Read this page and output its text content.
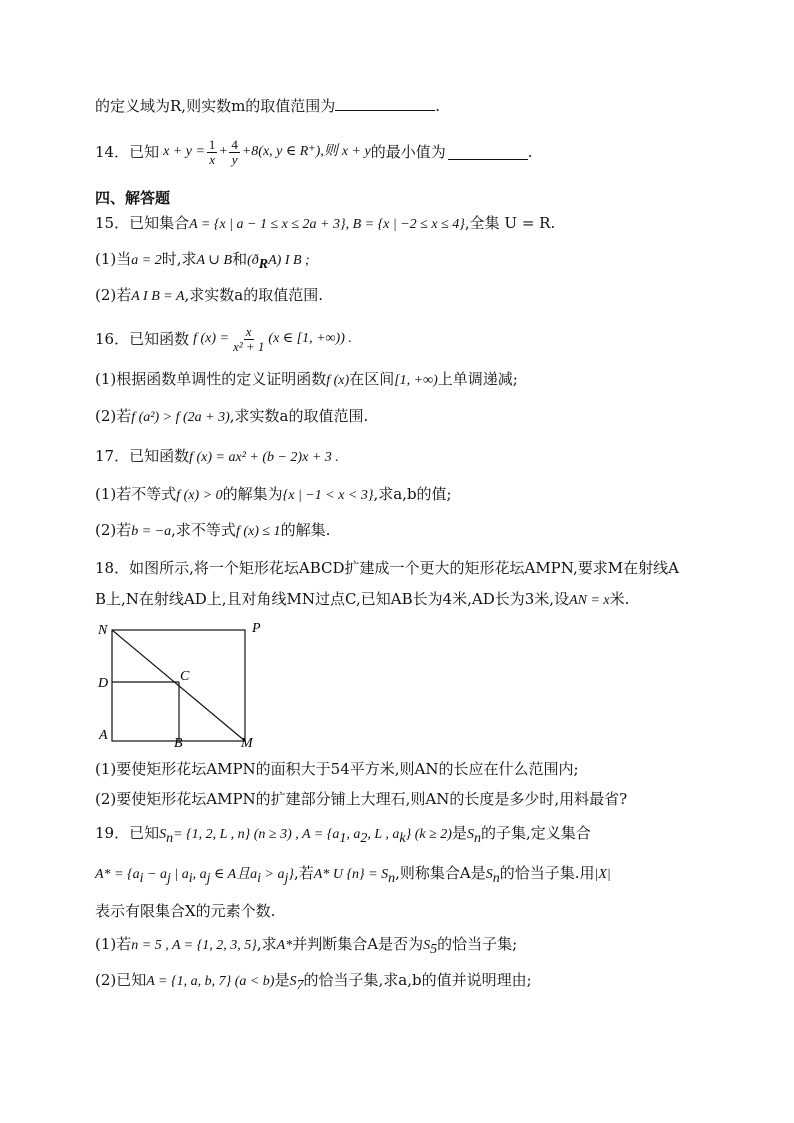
的定义域为R,则实数m的取值范围为	.
14．已知 $x + y = \frac{1}{x} + \frac{4}{y} +8(x$, y ∈ R⁺),则 x + y 的最小值为	.
四、解答题
15．已知集合A = {x | a − 1 ≤ x ≤ 2a + 3}, B = {x | −2 ≤ x ≤ 4},全集 U = R.
(1)当a = 2时,求A ∪ B和$(ð_RA)$ I B ;
(2)若A I B = A,求实数a的取值范围.
16．已知函数 f $(x) = \frac{x}{\text{x² + 1}} (x$ ∈ [1, +∞)) .
(1)根据函数单调性的定义证明函数f (x)在区间[1, +∞)上单调递减;
(2)若f (a²) > f (2a + 3),求实数a的取值范围.
17．已知函数f (x) = ax² + (b − 2)x + 3 .
(1)若不等式f (x) > 0的解集为{x | −1 < x < 3},求a,b的值;
(2)若b = −a,求不等式f (x) ≤ 1的解集.
18．如图所示,将一个矩形花坛ABCD扩建成一个更大的矩形花坛AMPN,要求M在射线A
B上,N在射线AD上,且对角线MN过点C,已知AB长为4米,AD长为3米,设AN = x米.
N	P
D	C
A
B	M
(1)要使矩形花坛AMPN的面积大于54平方米,则AN的长应在什么范围内;
(2)要使矩形花坛AMPN的扩建部分铺上大理石,则AN的长度是多少时,用料最省?
19．已知$S_n= \{1$, 2, L , n} (n ≥ 3) , $A = \{a_1$, $a_2$, L , $a_k$} (k ≥ 2)是$S_n$的子集,定义集合
$A* = \{a_i - a_j$ | $a_i$, $a_j$ ∈ A且$a_i > a_j$},若A* U $\{n\} = S_n$,则称集合A是$S_n$的恰当子集.用|X|
表示有限集合X的元素个数.
(1)若n = 5 , A = {1, 2, 3, 5},求A*并判断集合A是否为$S_5$的恰当子集;
(2)已知A = {1, a, b, 7} (a < b)是$S_7$的恰当子集,求a,b的值并说明理由;
